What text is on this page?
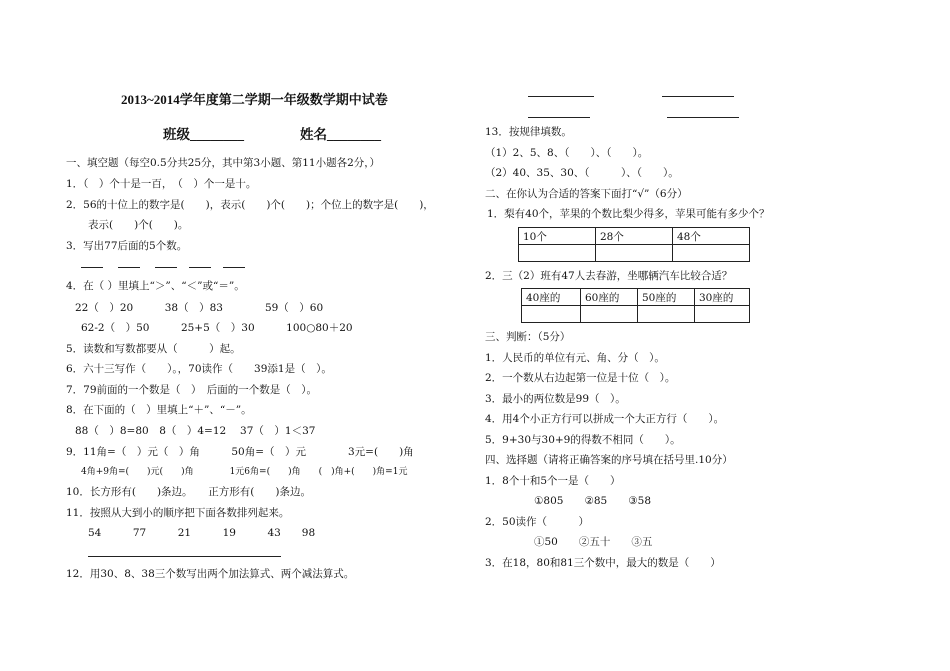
2013~2014学年度第二学期一年级数学期中试卷
班级________	姓名________
一、填空题（每空0.5分共25分，其中第3小题、第11小题各2分，）
1．（　）个十是一百，　（　）个一是十。
2．56的十位上的数字是(　　)，表示(　　)个(　　)；个位上的数字是(　　)，
表示(　　)个(　　)。
3．写出77后面的5个数。
4．在（ ）里填上“＞”、“＜”或“＝”。
22（　）20　　　38（　）83　　　　59（　）60
62-2（　）50　　　25+5（　）30　　　100○80＋20
5．读数和写数都要从（　　　）起。
6．六十三写作（　　）。，70读作（　　39添1是（　）。
7．79前面的一个数是（　）　后面的一个数是（　）。
8．在下面的（　）里填上“＋”、“－”。
88（　）8=80　8（　）4=12　 37（　）1＜37
9．11角=（　）元（　）角　　　50角=（　）元　　　　3元=(　　)角
4角+9角=(　　)元(　　)角　　　　1元6角=(　　)角　　(　)角+(　　)角=1元
10．长方形有(　　)条边。　　正方形有(　　)条边。
11．按照从大到小的顺序把下面各数排列起来。
54　　　77　　　21　　　19　　　43　　98
12．用30、8、38三个数写出两个加法算式、两个减法算式。
13．按规律填数。
（1）2、5、8、（　　）、（　　）。
（2）40、35、30、（　　　）、（　　）。
二、在你认为合适的答案下面打“√”（6分）
1．梨有40个，苹果的个数比梨少得多，苹果可能有多少个？
10个	28个	48个

2．三（2）班有47人去春游，坐哪辆汽车比较合适？
40座的	60座的	50座的	30座的

三、判断：（5分）
1．人民币的单位有元、角、分（　）。
2．一个数从右边起第一位是十位（　）。
3．最小的两位数是99（　）。
4．用4个小正方行可以拼成一个大正方行（　　）。
5．9+30与30+9的得数不相同（　　）。
四、选择题（请将正确答案的序号填在括号里.10分）
1．8个十和5个一是（　　）
①805　　②85　　③58
2．50读作（　　　）
①50　　②五十　　③五
3．在18，80和81三个数中，最大的数是（　　）
